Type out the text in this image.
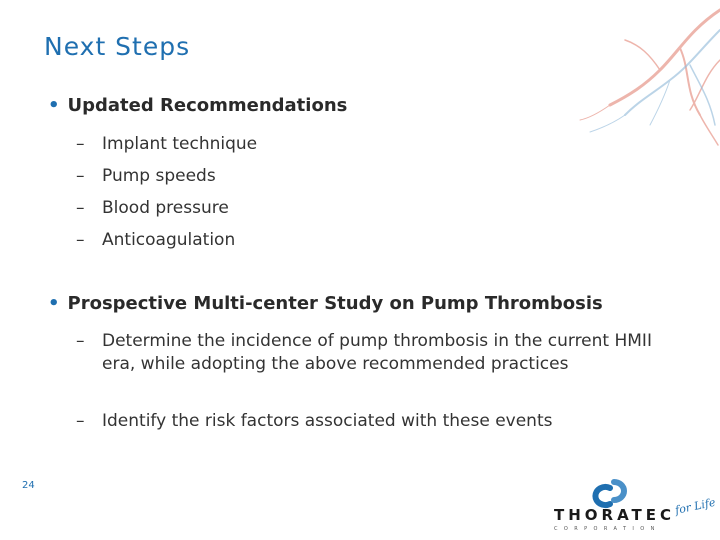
Next Steps
• Updated Recommendations
–	Implant technique
–	Pump speeds
–	Blood pressure
–	Anticoagulation
• Prospective Multi-center Study on Pump Thrombosis
–	Determine the incidence of pump thrombosis in the current HMII era, while adopting the above recommended practices
–	Identify the risk factors associated with these events
24
THORATEC
CORPORATION
for Life
